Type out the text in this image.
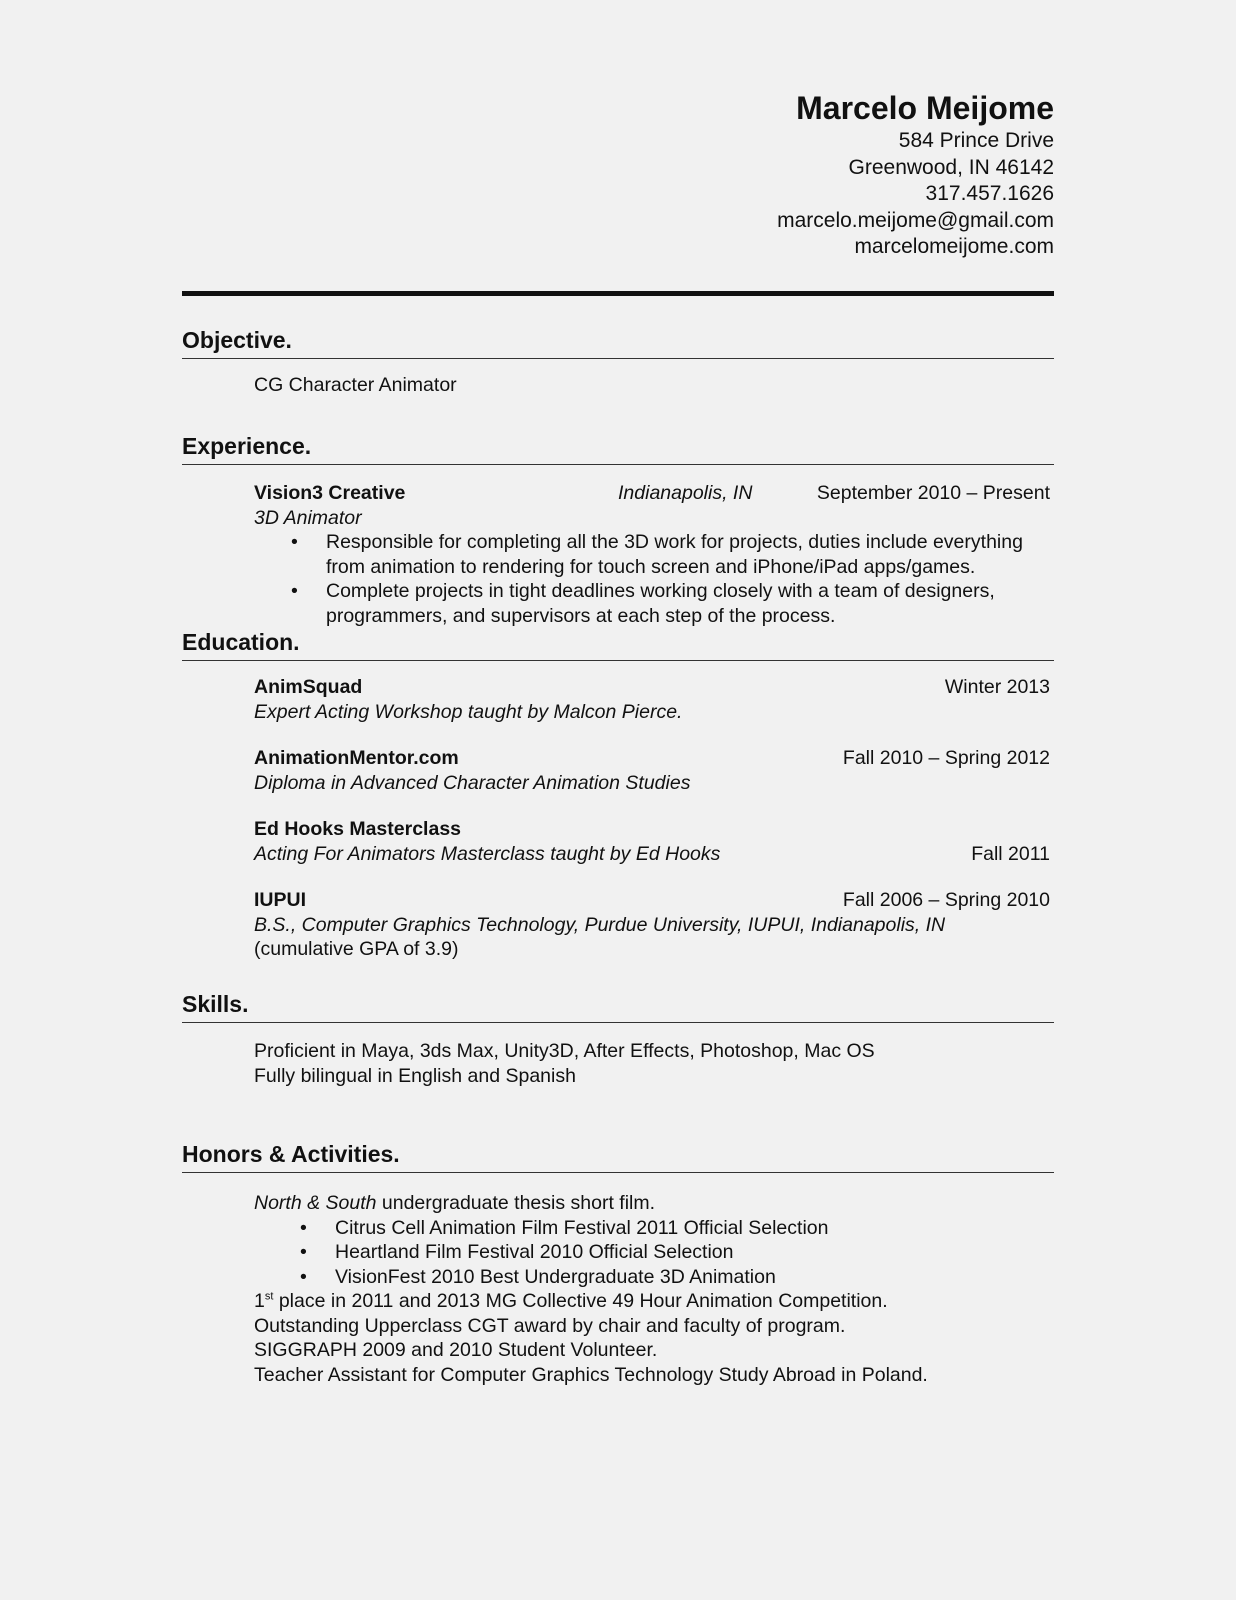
Marcelo Meijome
584 Prince Drive
Greenwood, IN 46142
317.457.1626
marcelo.meijome@gmail.com
marcelomeijome.com
Objective.
CG Character Animator
Experience.
Vision3 Creative	Indianapolis, IN	September 2010 – Present
3D Animator
• Responsible for completing all the 3D work for projects, duties include everything from animation to rendering for touch screen and iPhone/iPad apps/games.
• Complete projects in tight deadlines working closely with a team of designers, programmers, and supervisors at each step of the process.
Education.
AnimSquad	Winter 2013
Expert Acting Workshop taught by Malcon Pierce.
AnimationMentor.com	Fall 2010 – Spring 2012
Diploma in Advanced Character Animation Studies
Ed Hooks Masterclass
Acting For Animators Masterclass taught by Ed Hooks	Fall 2011
IUPUI	Fall 2006 – Spring 2010
B.S., Computer Graphics Technology, Purdue University, IUPUI, Indianapolis, IN
(cumulative GPA of 3.9)
Skills.
Proficient in Maya, 3ds Max, Unity3D, After Effects, Photoshop, Mac OS
Fully bilingual in English and Spanish
Honors & Activities.
North & South undergraduate thesis short film.
• Citrus Cell Animation Film Festival 2011 Official Selection
• Heartland Film Festival 2010 Official Selection
• VisionFest 2010 Best Undergraduate 3D Animation
1st place in 2011 and 2013 MG Collective 49 Hour Animation Competition.
Outstanding Upperclass CGT award by chair and faculty of program.
SIGGRAPH 2009 and 2010 Student Volunteer.
Teacher Assistant for Computer Graphics Technology Study Abroad in Poland.
